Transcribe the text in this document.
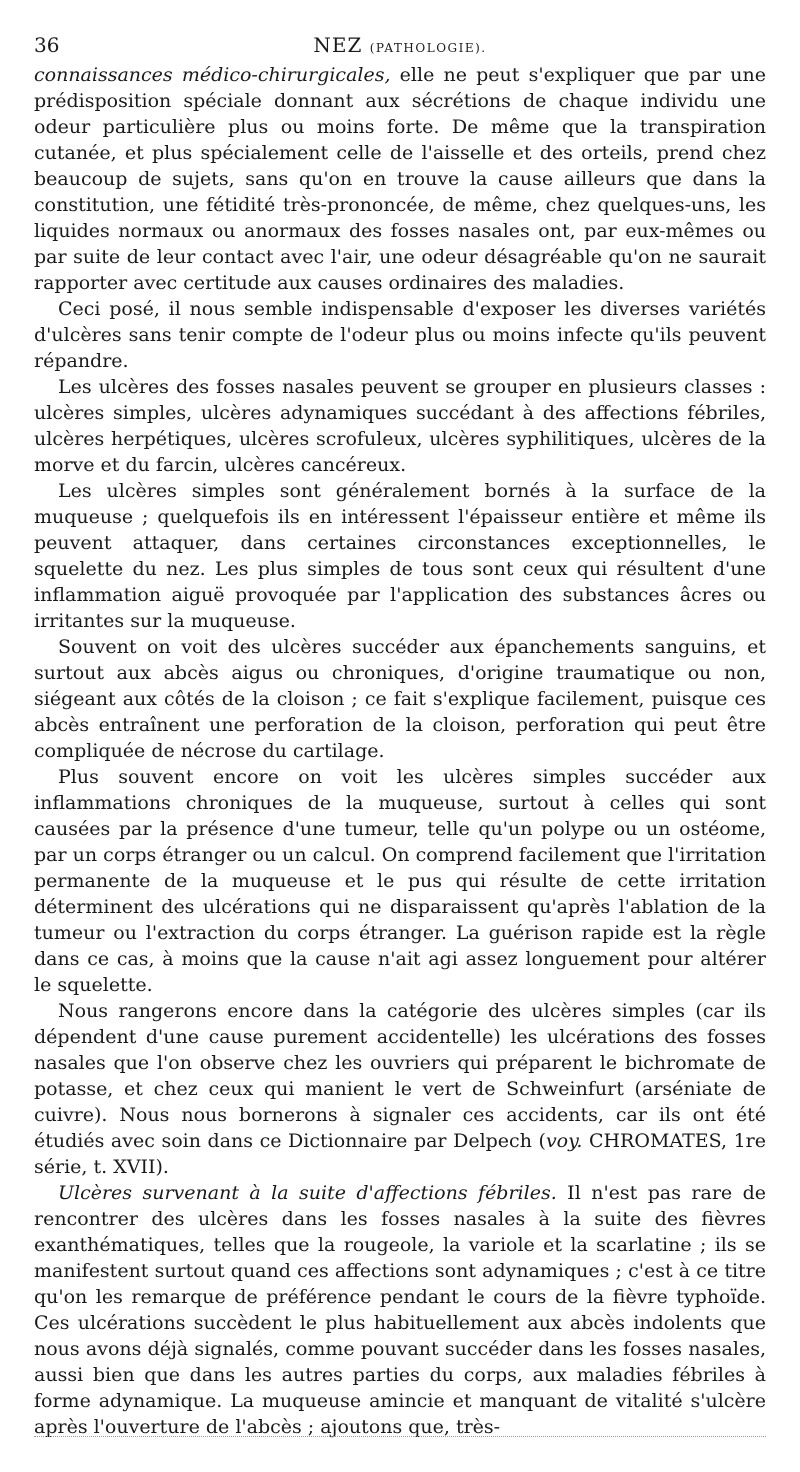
36	NEZ (PATHOLOGIE).

connaissances médico-chirurgicales, elle ne peut s'expliquer que par une prédisposition spéciale donnant aux sécrétions de chaque individu une odeur particulière plus ou moins forte. De même que la transpiration cutanée, et plus spécialement celle de l'aisselle et des orteils, prend chez beaucoup de sujets, sans qu'on en trouve la cause ailleurs que dans la constitution, une fétidité très-prononcée, de même, chez quelques-uns, les liquides normaux ou anormaux des fosses nasales ont, par eux-mêmes ou par suite de leur contact avec l'air, une odeur désagréable qu'on ne saurait rapporter avec certitude aux causes ordinaires des maladies.

Ceci posé, il nous semble indispensable d'exposer les diverses variétés d'ulcères sans tenir compte de l'odeur plus ou moins infecte qu'ils peuvent répandre.

Les ulcères des fosses nasales peuvent se grouper en plusieurs classes : ulcères simples, ulcères adynamiques succédant à des affections fébriles, ulcères herpétiques, ulcères scrofuleux, ulcères syphilitiques, ulcères de la morve et du farcin, ulcères cancéreux.

Les ulcères simples sont généralement bornés à la surface de la muqueuse ; quelquefois ils en intéressent l'épaisseur entière et même ils peuvent attaquer, dans certaines circonstances exceptionnelles, le squelette du nez. Les plus simples de tous sont ceux qui résultent d'une inflammation aiguë provoquée par l'application des substances âcres ou irritantes sur la muqueuse.

Souvent on voit des ulcères succéder aux épanchements sanguins, et surtout aux abcès aigus ou chroniques, d'origine traumatique ou non, siégeant aux côtés de la cloison ; ce fait s'explique facilement, puisque ces abcès entraînent une perforation de la cloison, perforation qui peut être compliquée de nécrose du cartilage.

Plus souvent encore on voit les ulcères simples succéder aux inflammations chroniques de la muqueuse, surtout à celles qui sont causées par la présence d'une tumeur, telle qu'un polype ou un ostéome, par un corps étranger ou un calcul. On comprend facilement que l'irritation permanente de la muqueuse et le pus qui résulte de cette irritation déterminent des ulcérations qui ne disparaissent qu'après l'ablation de la tumeur ou l'extraction du corps étranger. La guérison rapide est la règle dans ce cas, à moins que la cause n'ait agi assez longuement pour altérer le squelette.

Nous rangerons encore dans la catégorie des ulcères simples (car ils dépendent d'une cause purement accidentelle) les ulcérations des fosses nasales que l'on observe chez les ouvriers qui préparent le bichromate de potasse, et chez ceux qui manient le vert de Schweinfurt (arséniate de cuivre). Nous nous bornerons à signaler ces accidents, car ils ont été étudiés avec soin dans ce Dictionnaire par Delpech (voy. CHROMATES, 1re série, t. XVII).

Ulcères survenant à la suite d'affections fébriles. Il n'est pas rare de rencontrer des ulcères dans les fosses nasales à la suite des fièvres exanthématiques, telles que la rougeole, la variole et la scarlatine ; ils se manifestent surtout quand ces affections sont adynamiques ; c'est à ce titre qu'on les remarque de préférence pendant le cours de la fièvre typhoïde. Ces ulcérations succèdent le plus habituellement aux abcès indolents que nous avons déjà signalés, comme pouvant succéder dans les fosses nasales, aussi bien que dans les autres parties du corps, aux maladies fébriles à forme adynamique. La muqueuse amincie et manquant de vitalité s'ulcère après l'ouverture de l'abcès ; ajoutons que, très-
